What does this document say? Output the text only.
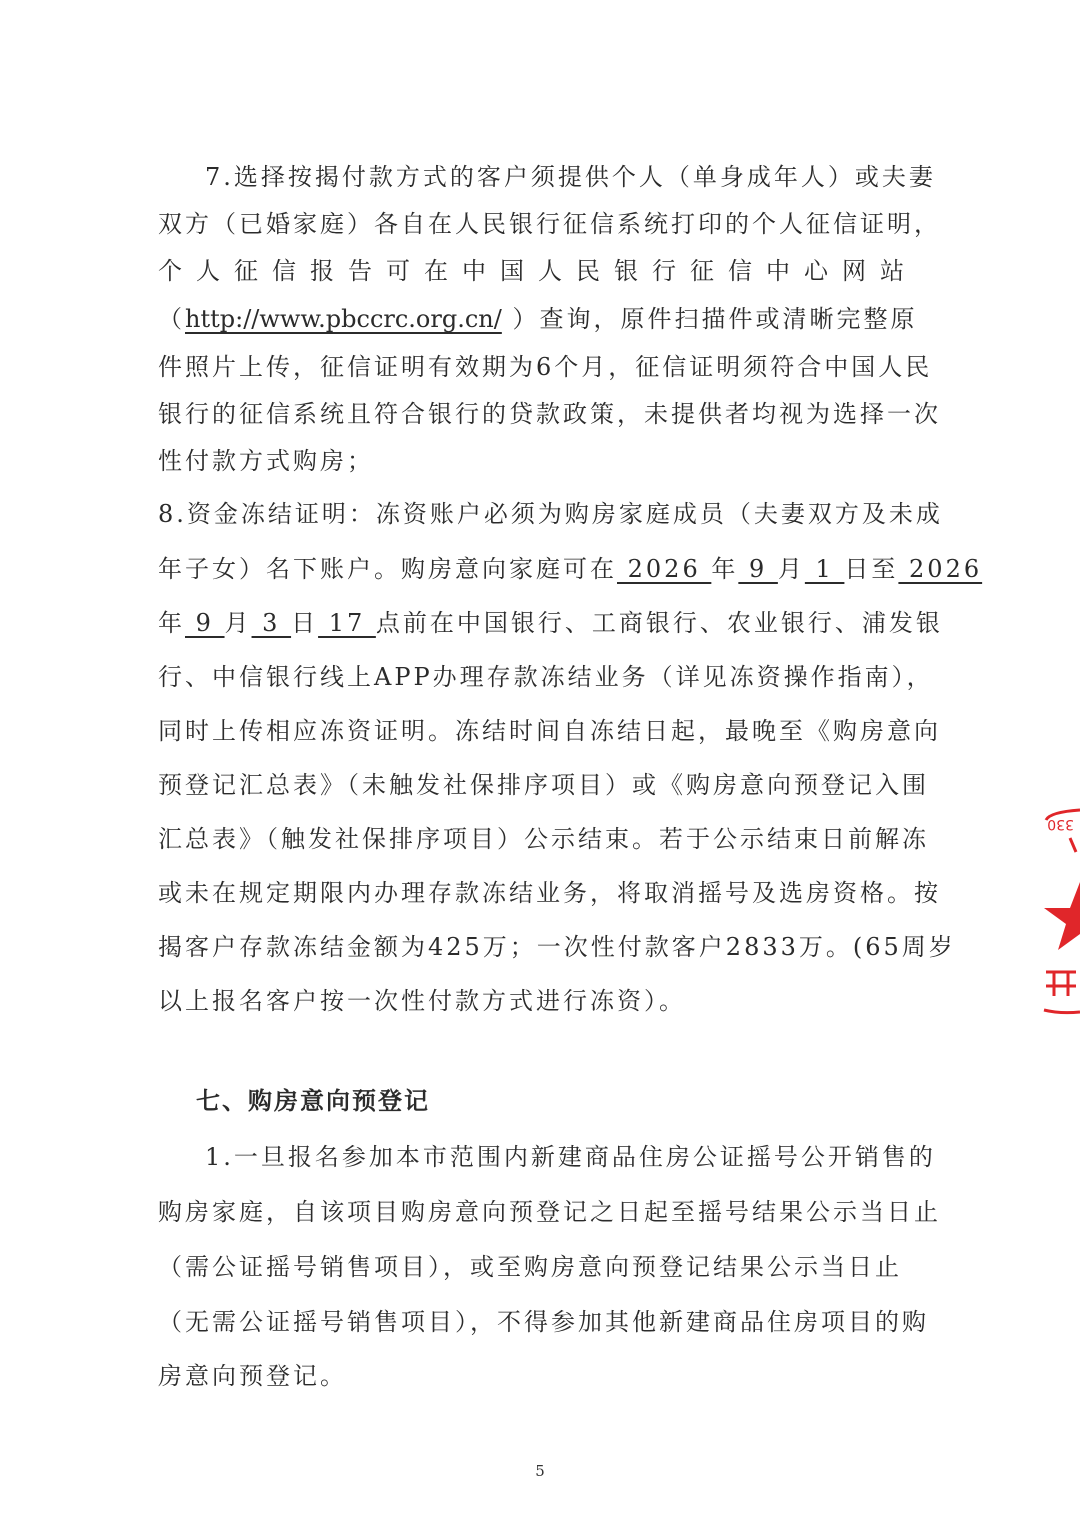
7.选择按揭付款方式的客户须提供个人（单身成年人）或夫妻
双方（已婚家庭）各自在人民银行征信系统打印的个人征信证明，
个人征信报告可在中国人民银行征信中心网站
（http://www.pbccrc.org.cn/ ）查询，原件扫描件或清晰完整原
件照片上传，征信证明有效期为6个月，征信证明须符合中国人民
银行的征信系统且符合银行的贷款政策，未提供者均视为选择一次
性付款方式购房；
8.资金冻结证明：冻资账户必须为购房家庭成员（夫妻双方及未成
年子女）名下账户。购房意向家庭可在 2026 年 9 月 1 日至 2026
年 9 月 3 日 17 点前在中国银行、工商银行、农业银行、浦发银
行、中信银行线上APP办理存款冻结业务（详见冻资操作指南），
同时上传相应冻资证明。冻结时间自冻结日起，最晚至《购房意向
预登记汇总表》（未触发社保排序项目）或《购房意向预登记入围
汇总表》（触发社保排序项目）公示结束。若于公示结束日前解冻
或未在规定期限内办理存款冻结业务，将取消摇号及选房资格。按
揭客户存款冻结金额为425万；一次性付款客户2833万。(65周岁
以上报名客户按一次性付款方式进行冻资）。
七、购房意向预登记
1.一旦报名参加本市范围内新建商品住房公证摇号公开销售的
购房家庭，自该项目购房意向预登记之日起至摇号结果公示当日止
（需公证摇号销售项目），或至购房意向预登记结果公示当日止
（无需公证摇号销售项目），不得参加其他新建商品住房项目的购
房意向预登记。
330
5
